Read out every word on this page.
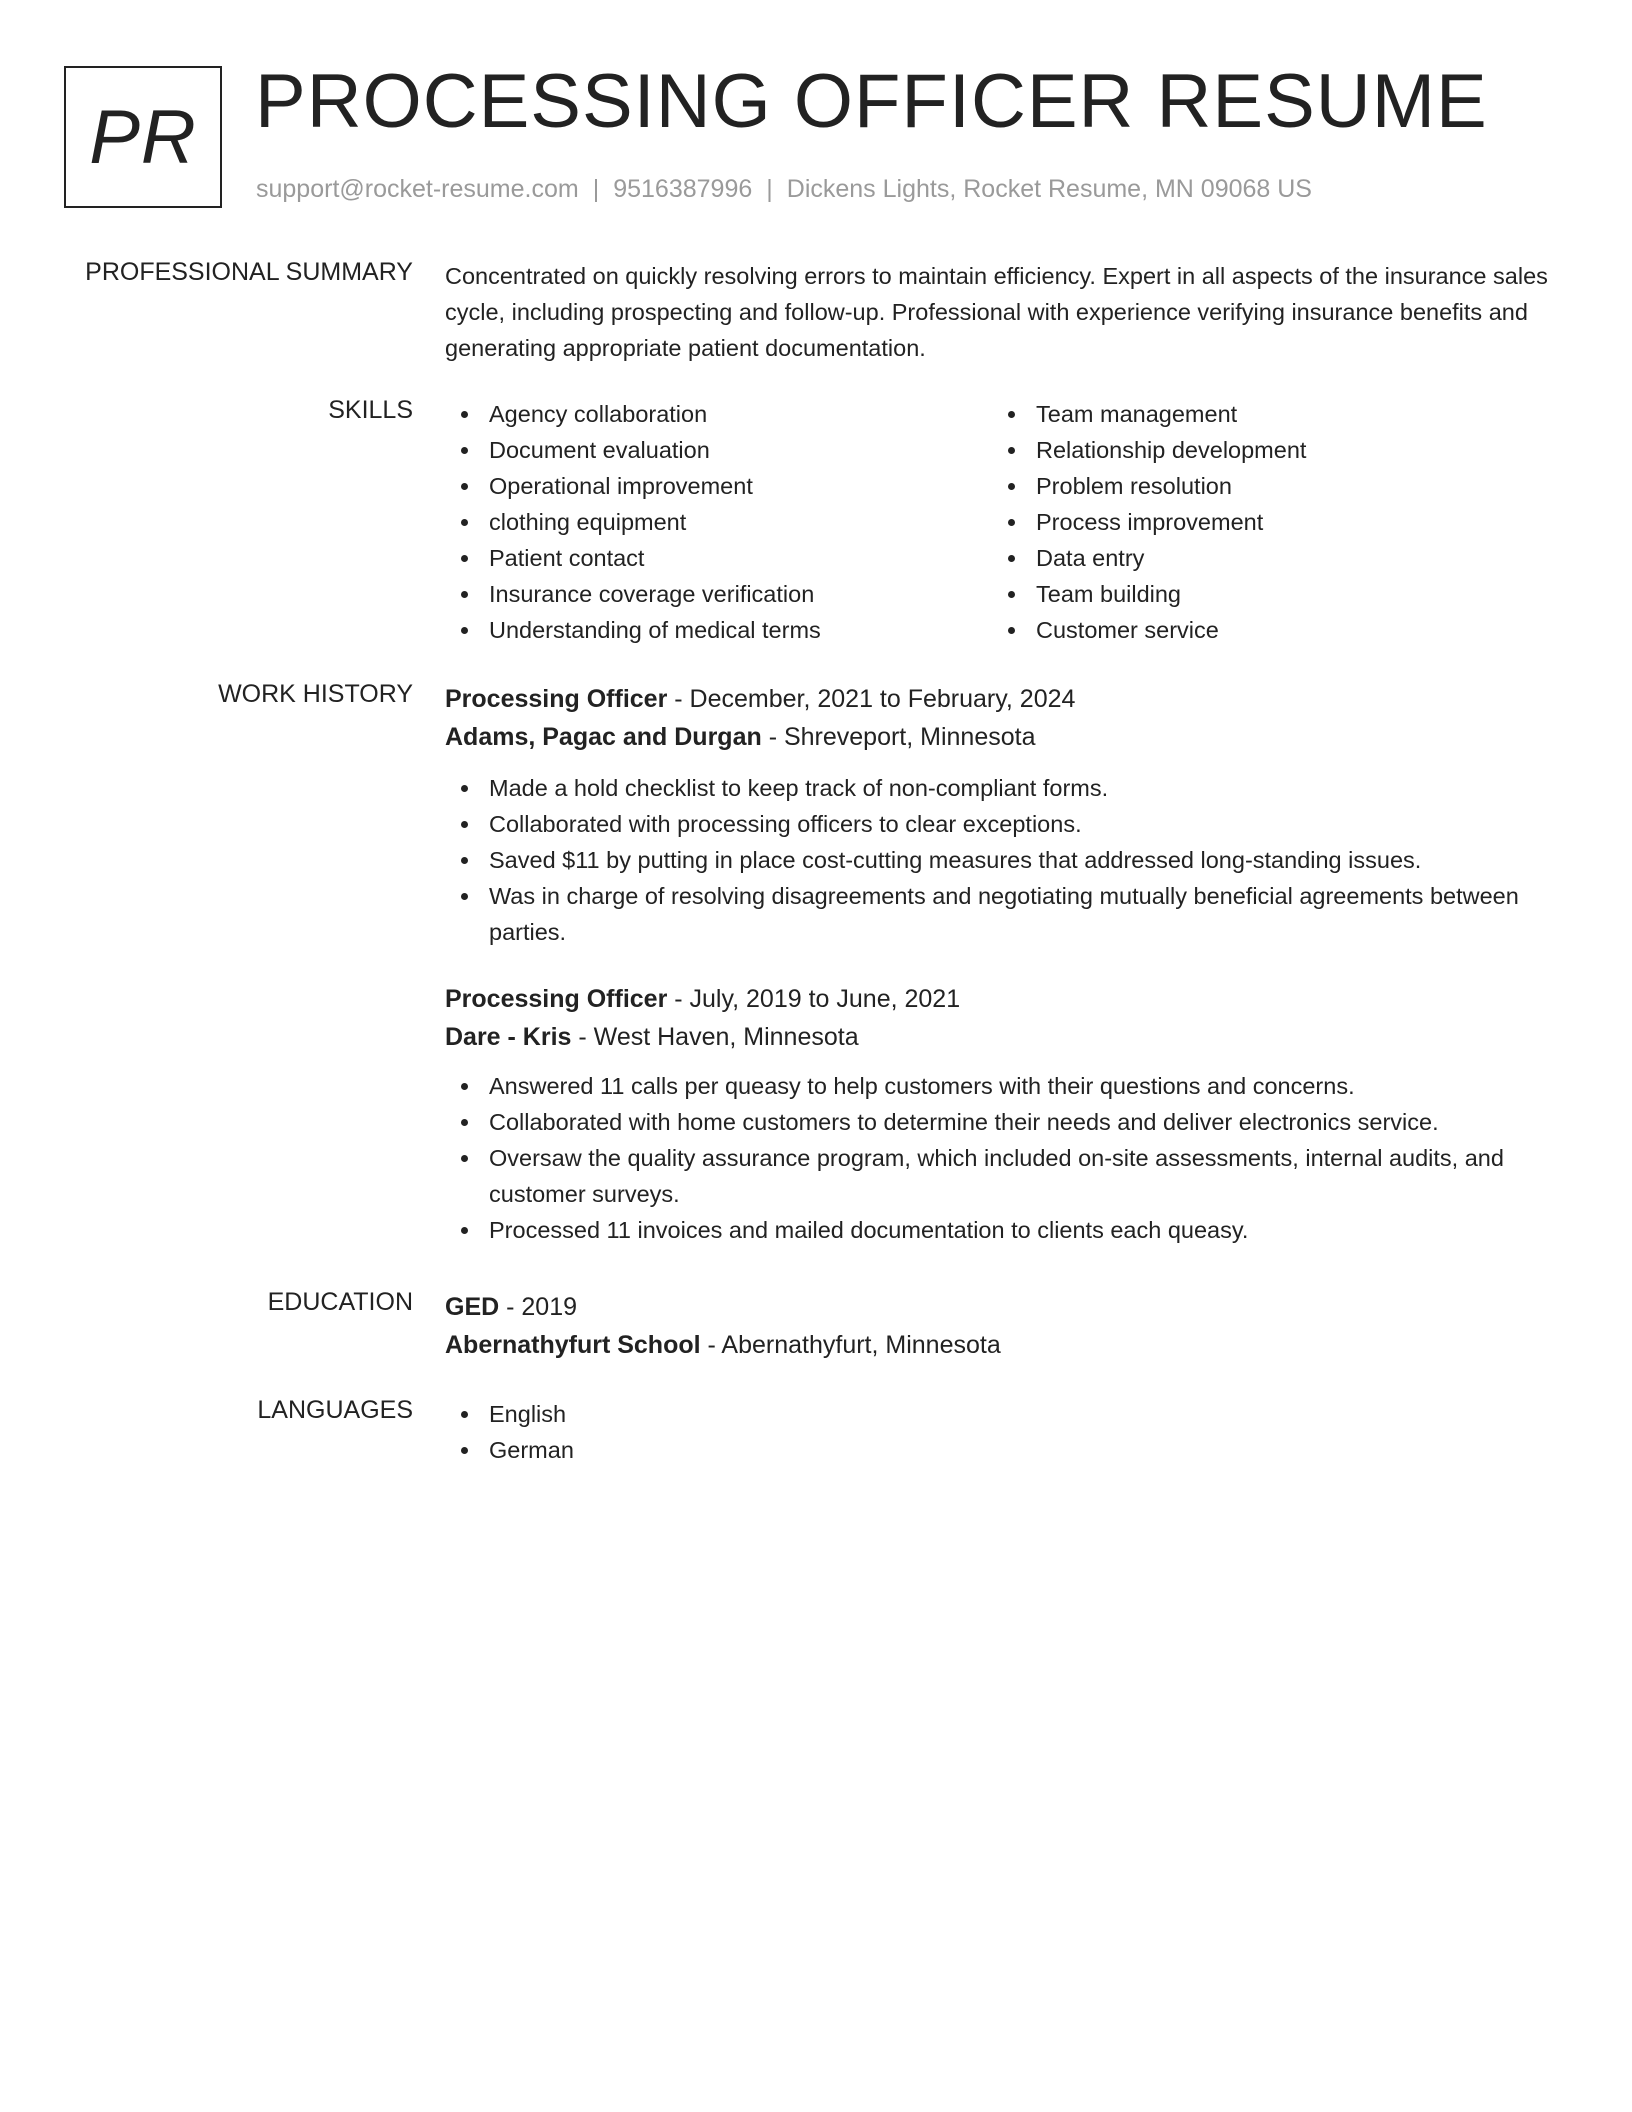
PR PROCESSING OFFICER RESUME
support@rocket-resume.com | 9516387996 | Dickens Lights, Rocket Resume, MN 09068 US
PROFESSIONAL SUMMARY Concentrated on quickly resolving errors to maintain efficiency. Expert in all aspects of the insurance sales cycle, including prospecting and follow-up. Professional with experience verifying insurance benefits and generating appropriate patient documentation.
SKILLS	Agency collaboration
Document evaluation
Operational improvement
clothing equipment
Patient contact
Insurance coverage verification
Understanding of medical terms
Team management
Relationship development
Problem resolution
Process improvement
Data entry
Team building
Customer service
WORK HISTORY Processing Officer - December, 2021 to February, 2024
Adams, Pagac and Durgan - Shreveport, Minnesota
Made a hold checklist to keep track of non-compliant forms.
Collaborated with processing officers to clear exceptions.
Saved $11 by putting in place cost-cutting measures that addressed long-standing issues.
Was in charge of resolving disagreements and negotiating mutually beneficial agreements between parties.
Processing Officer - July, 2019 to June, 2021
Dare - Kris - West Haven, Minnesota
Answered 11 calls per queasy to help customers with their questions and concerns.
Collaborated with home customers to determine their needs and deliver electronics service.
Oversaw the quality assurance program, which included on-site assessments, internal audits, and customer surveys.
Processed 11 invoices and mailed documentation to clients each queasy.
EDUCATION GED - 2019
Abernathyfurt School - Abernathyfurt, Minnesota
LANGUAGES	English
German
